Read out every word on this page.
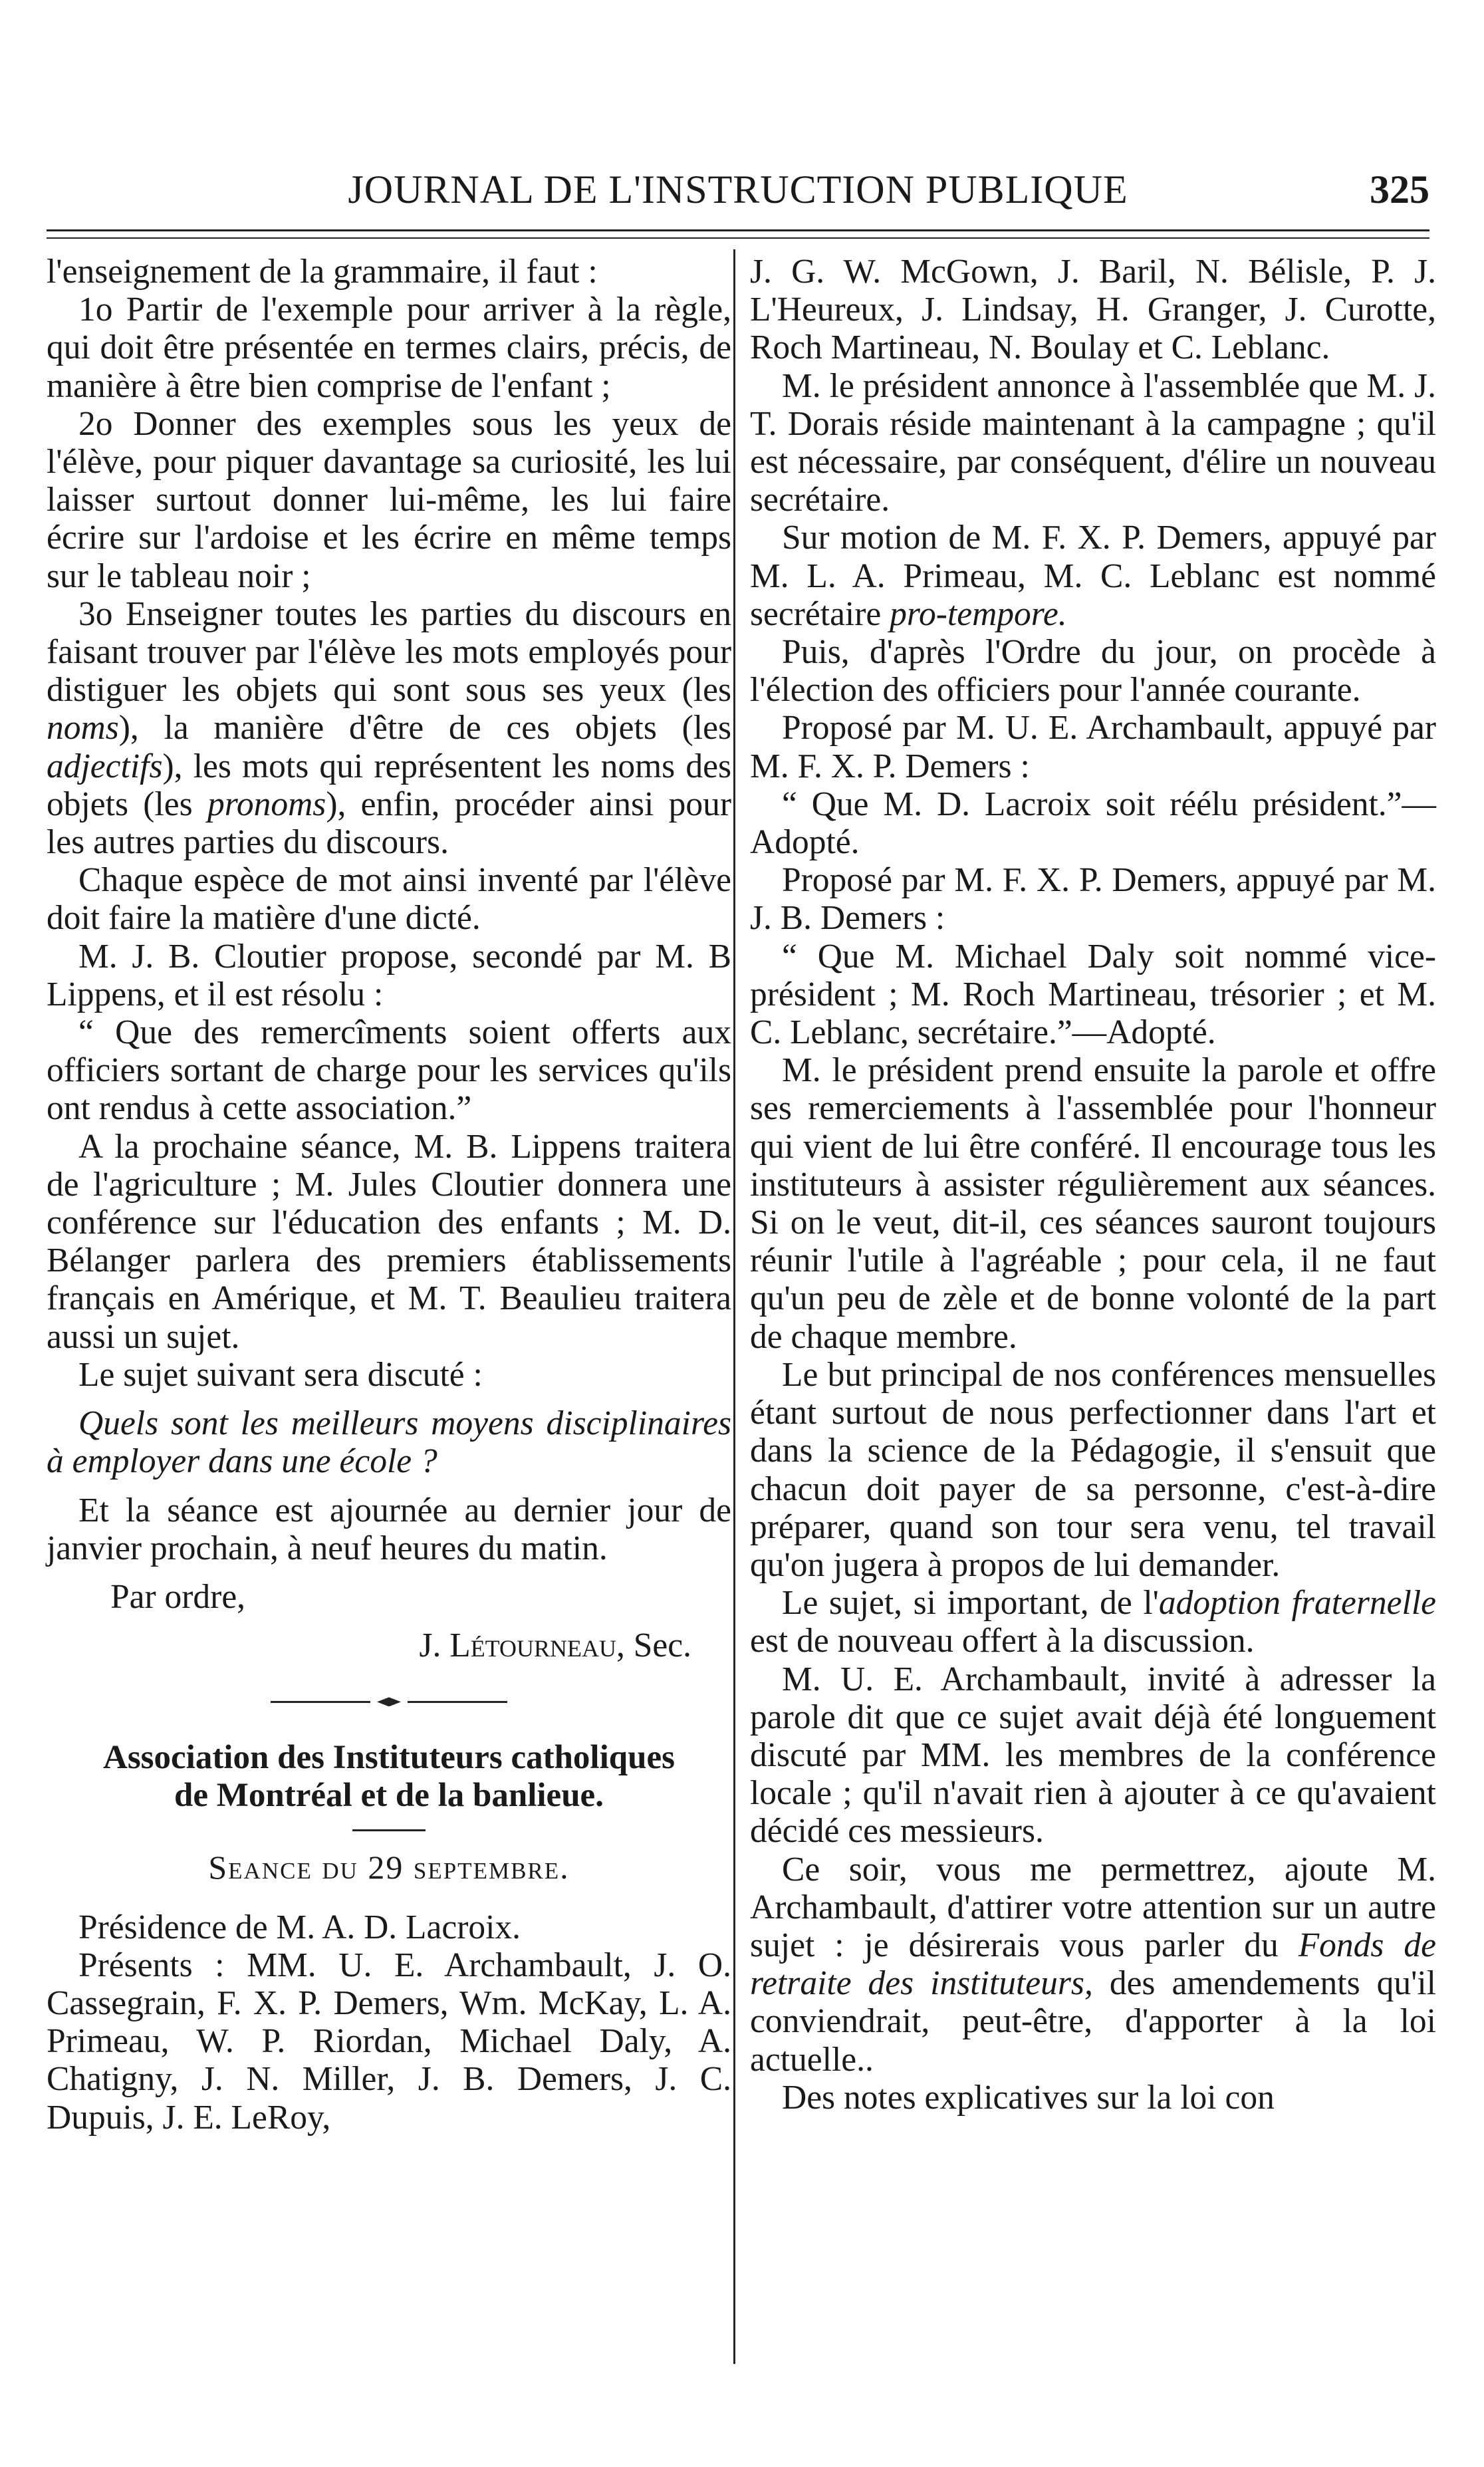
JOURNAL DE L'INSTRUCTION PUBLIQUE	325

l'enseignement de la grammaire, il faut :

1o Partir de l'exemple pour arriver à la règle, qui doit être présentée en termes clairs, précis, de manière à être bien comprise de l'enfant ;

2o Donner des exemples sous les yeux de l'élève, pour piquer davantage sa curiosité, les lui laisser surtout donner lui-même, les lui faire écrire sur l'ardoise et les écrire en même temps sur le tableau noir ;

3o Enseigner toutes les parties du discours en faisant trouver par l'élève les mots employés pour distiguer les objets qui sont sous ses yeux (les noms), la manière d'être de ces objets (les adjectifs), les mots qui représentent les noms des objets (les pronoms), enfin, procéder ainsi pour les autres parties du discours.

Chaque espèce de mot ainsi inventé par l'élève doit faire la matière d'une dicté.

M. J. B. Cloutier propose, secondé par M. B Lippens, et il est résolu :

“ Que des remercîments soient offerts aux officiers sortant de charge pour les services qu'ils ont rendus à cette association.”

A la prochaine séance, M. B. Lippens traitera de l'agriculture ; M. Jules Cloutier donnera une conférence sur l'éducation des enfants ; M. D. Bélanger parlera des premiers établissements français en Amérique, et M. T. Beaulieu traitera aussi un sujet.

Le sujet suivant sera discuté :

Quels sont les meilleurs moyens disciplinaires à employer dans une école ?

Et la séance est ajournée au dernier jour de janvier prochain, à neuf heures du matin.

Par ordre,

J. Létourneau, Sec.

Association des Instituteurs catholiques
de Montréal et de la banlieue.
Seance du 29 septembre.

Présidence de M. A. D. Lacroix.

Présents : MM. U. E. Archambault, J. O. Cassegrain, F. X. P. Demers, Wm. McKay, L. A. Primeau, W. P. Riordan, Michael Daly, A. Chatigny, J. N. Miller, J. B. Demers, J. C. Dupuis, J. E. LeRoy,

J. G. W. McGown, J. Baril, N. Bélisle, P. J. L'Heureux, J. Lindsay, H. Granger, J. Curotte, Roch Martineau, N. Boulay et C. Leblanc.

M. le président annonce à l'assemblée que M. J. T. Dorais réside maintenant à la campagne ; qu'il est nécessaire, par conséquent, d'élire un nouveau secrétaire.

Sur motion de M. F. X. P. Demers, appuyé par M. L. A. Primeau, M. C. Leblanc est nommé secrétaire pro-tempore.

Puis, d'après l'Ordre du jour, on procède à l'élection des officiers pour l'année courante.

Proposé par M. U. E. Archambault, appuyé par M. F. X. P. Demers :

“ Que M. D. Lacroix soit réélu président.”—Adopté.

Proposé par M. F. X. P. Demers, appuyé par M. J. B. Demers :

“ Que M. Michael Daly soit nommé vice-président ; M. Roch Martineau, trésorier ; et M. C. Leblanc, secrétaire.”—Adopté.

M. le président prend ensuite la parole et offre ses remerciements à l'assemblée pour l'honneur qui vient de lui être conféré. Il encourage tous les instituteurs à assister régulièrement aux séances. Si on le veut, dit-il, ces séances sauront toujours réunir l'utile à l'agréable ; pour cela, il ne faut qu'un peu de zèle et de bonne volonté de la part de chaque membre.

Le but principal de nos conférences mensuelles étant surtout de nous perfectionner dans l'art et dans la science de la Pédagogie, il s'ensuit que chacun doit payer de sa personne, c'est-à-dire préparer, quand son tour sera venu, tel travail qu'on jugera à propos de lui demander.

Le sujet, si important, de l'adoption fraternelle est de nouveau offert à la discussion.

M. U. E. Archambault, invité à adresser la parole dit que ce sujet avait déjà été longuement discuté par MM. les membres de la conférence locale ; qu'il n'avait rien à ajouter à ce qu'avaient décidé ces messieurs.

Ce soir, vous me permettrez, ajoute M. Archambault, d'attirer votre attention sur un autre sujet : je désirerais vous parler du Fonds de retraite des instituteurs, des amendements qu'il conviendrait, peut-être, d'apporter à la loi actuelle..

Des notes explicatives sur la loi con
